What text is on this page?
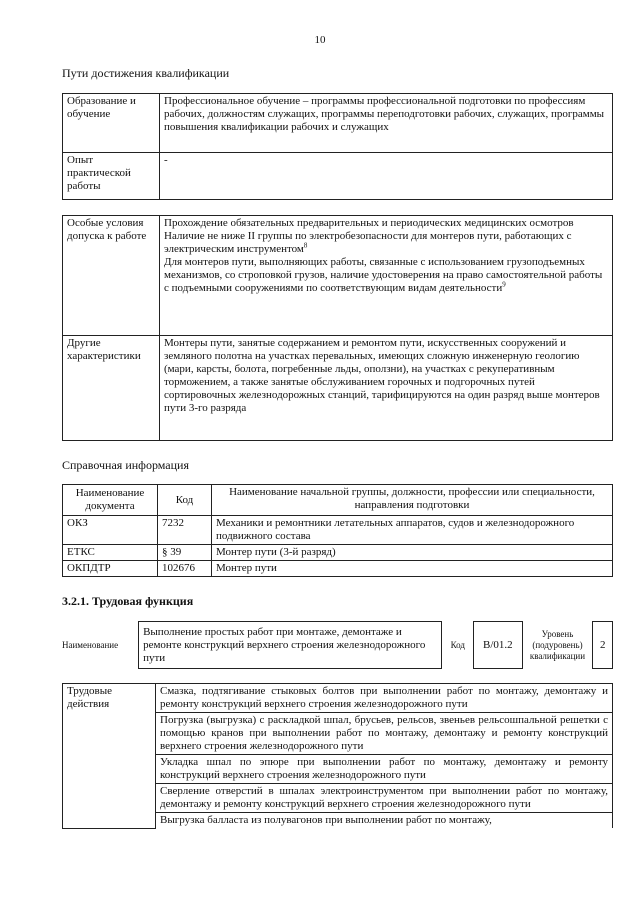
10
Пути достижения квалификации
Образование и обучение	Профессиональное обучение – программы профессиональной подготовки по профессиям рабочих, должностям служащих, программы переподготовки рабочих, служащих, программы повышения квалификации рабочих и служащих
Опыт практической работы	-
Особые условия допуска к работе	Прохождение обязательных предварительных и периодических медицинских осмотров
Наличие не ниже II группы по электробезопасности для монтеров пути, работающих с электрическим инструментом$^8$
Для монтеров пути, выполняющих работы, связанные с использованием грузоподъемных механизмов, со строповкой грузов, наличие удостоверения на право самостоятельной работы с подъемными сооружениями по соответствующим видам деятельности$^9$

Другие характеристики	Монтеры пути, занятые содержанием и ремонтом пути, искусственных сооружений и земляного полотна на участках перевальных, имеющих сложную инженерную геологию (мари, карсты, болота, погребенные льды, оползни), на участках с рекуперативным торможением, а также занятые обслуживанием горочных и подгорочных путей сортировочных железнодорожных станций, тарифицируются на один разряд выше монтеров пути 3-го разряда
Справочная информация
Наименование документа	Код	Наименование начальной группы, должности, профессии или специальности, направления подготовки
ОКЗ	7232	Механики и ремонтники летательных аппаратов, судов и железнодорожного подвижного состава
ЕТКС	§ 39	Монтер пути (3-й разряд)
ОКПДТР	102676	Монтер пути
3.2.1. Трудовая функция
Наименование	Выполнение простых работ при монтаже, демонтаже и ремонте конструкций верхнего строения железнодорожного пути	Код	B/01.2	Уровень (подуровень) квалификации	2
Трудовые действия	Смазка, подтягивание стыковых болтов при выполнении работ по монтажу, демонтажу и ремонту конструкций верхнего строения железнодорожного пути
Погрузка (выгрузка) с раскладкой шпал, брусьев, рельсов, звеньев рельсошпальной решетки с помощью кранов при выполнении работ по монтажу, демонтажу и ремонту конструкций верхнего строения железнодорожного пути
Укладка шпал по эпюре при выполнении работ по монтажу, демонтажу и ремонту конструкций верхнего строения железнодорожного пути
Сверление отверстий в шпалах электроинструментом при выполнении работ по монтажу, демонтажу и ремонту конструкций верхнего строения железнодорожного пути
Выгрузка балласта из полувагонов при выполнении работ по монтажу,
